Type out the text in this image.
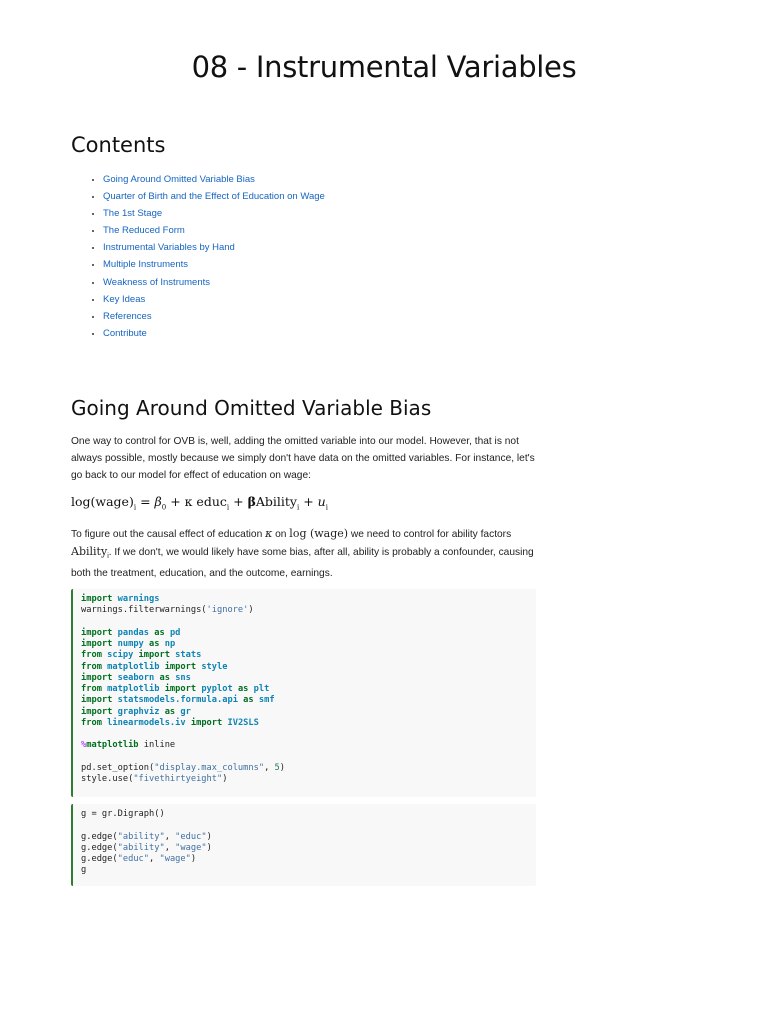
08 - Instrumental Variables
Contents
• Going Around Omitted Variable Bias
• Quarter of Birth and the Effect of Education on Wage
• The 1st Stage
• The Reduced Form
• Instrumental Variables by Hand
• Multiple Instruments
• Weakness of Instruments
• Key Ideas
• References
• Contribute
Going Around Omitted Variable Bias

One way to control for OVB is, well, adding the omitted variable into our model. However, that is not always possible, mostly because we simply don't have data on the omitted variables. For instance, let's go back to our model for effect of education on wage:

$\log(wage)_i = \beta_0 + \kappa$ educ$_i$ + βAbility$_i$ + $u_i$

To figure out the causal effect of education κ on log (wage) we need to control for ability factors Ability$_i$. If we don't, we would likely have some bias, after all, ability is probably a confounder, causing both the treatment, education, and the outcome, earnings.

import warnings
warnings.filterwarnings('ignore')

import pandas as pd
import numpy as np
from scipy import stats
from matplotlib import style
import seaborn as sns
from matplotlib import pyplot as plt
import statsmodels.formula.api as smf
import graphviz as gr
from linearmodels.iv import IV2SLS

%matplotlib inline

pd.set_option("display.max_columns", 5)
style.use("fivethirtyeight")
g = gr.Digraph()

g.edge("ability", "educ")
g.edge("ability", "wage")
g.edge("educ", "wage")
g
